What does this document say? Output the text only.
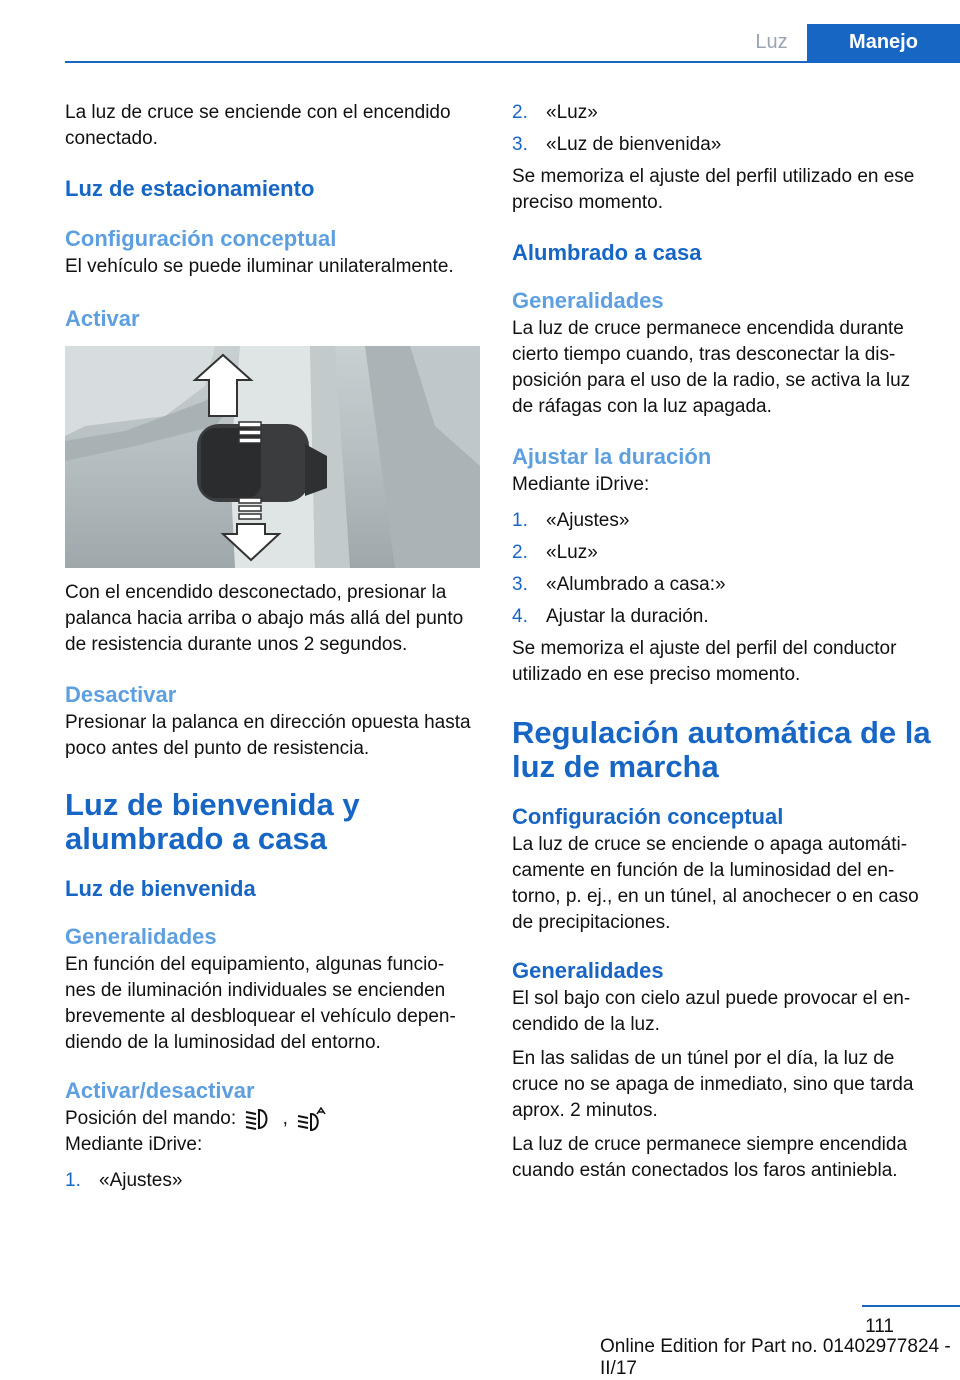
Luz	Manejo

La luz de cruce se enciende con el encendido conectado.

Luz de estacionamiento
Configuración conceptual

El vehículo se puede iluminar unilateralmente.

Activar

Con el encendido desconectado, presionar la palanca hacia arriba o abajo más allá del punto de resistencia durante unos 2 segundos.

Desactivar

Presionar la palanca en dirección opuesta hasta poco antes del punto de resistencia.

Luz de bienvenida y alumbrado a casa
Luz de bienvenida
Generalidades

En función del equipamiento, algunas funcio- nes de iluminación individuales se encienden brevemente al desbloquear el vehículo depen- diendo de la luminosidad del entorno.

Activar/desactivar

Posición del mando: ,

Mediante iDrive:

1. «Ajustes»
2. «Luz»
3. «Luz de bienvenida»

Se memoriza el ajuste del perfil utilizado en ese preciso momento.

Alumbrado a casa
Generalidades

La luz de cruce permanece encendida durante cierto tiempo cuando, tras desconectar la dis- posición para el uso de la radio, se activa la luz de ráfagas con la luz apagada.

Ajustar la duración

Mediante iDrive:

1. «Ajustes»
2. «Luz»
3. «Alumbrado a casa:»
4. Ajustar la duración.

Se memoriza el ajuste del perfil del conductor utilizado en ese preciso momento.

Regulación automática de la luz de marcha
Configuración conceptual

La luz de cruce se enciende o apaga automáti- camente en función de la luminosidad del en- torno, p. ej., en un túnel, al anochecer o en caso de precipitaciones.

Generalidades

El sol bajo con cielo azul puede provocar el en- cendido de la luz.

En las salidas de un túnel por el día, la luz de cruce no se apaga de inmediato, sino que tarda aprox. 2 minutos.

La luz de cruce permanece siempre encendida cuando están conectados los faros antiniebla.

111
Online Edition for Part no. 01402977824 - II/17
